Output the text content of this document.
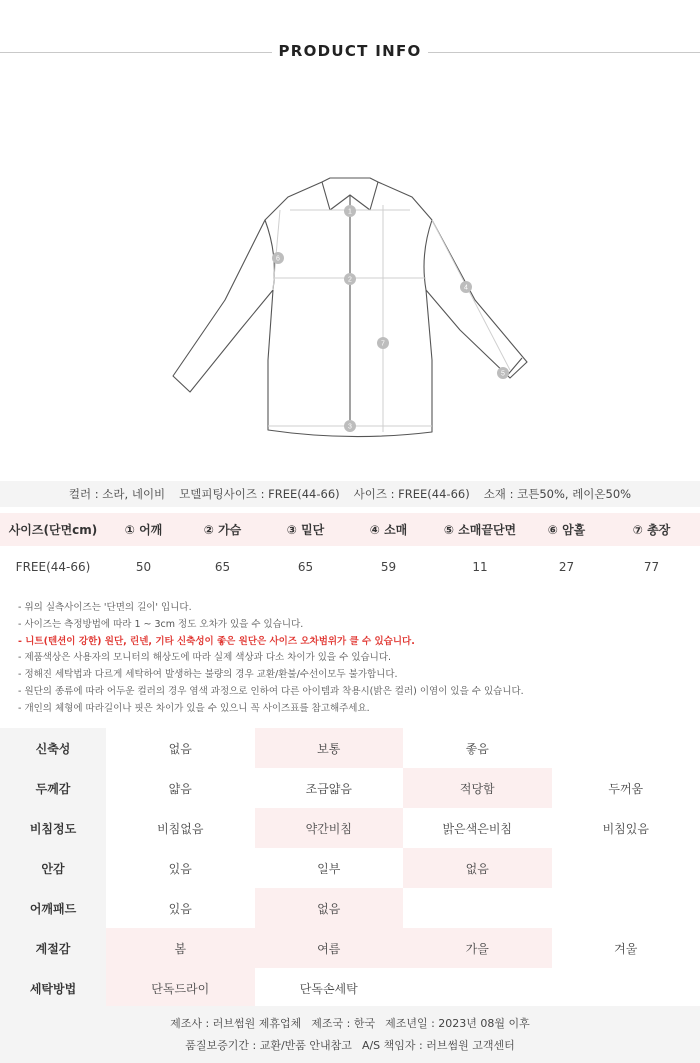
PRODUCT INFO
1
2
3
4
5
6
7
컬러 : 소라, 네이비 모델피팅사이즈 : FREE(44-66) 사이즈 : FREE(44-66) 소재 : 코튼50%, 레이온50%
사이즈(단면cm)	① 어깨	② 가슴	③ 밑단	④ 소매	⑤ 소매끝단면	⑥ 암홀	⑦ 총장
FREE(44-66)	50	65	65	59	11	27	77
- 위의 실측사이즈는 '단면의 길이' 입니다.
- 사이즈는 측정방법에 따라 1 ~ 3cm 정도 오차가 있을 수 있습니다.
- 니트(텐션이 강한) 원단, 린넨, 기타 신축성이 좋은 원단은 사이즈 오차범위가 클 수 있습니다.
- 제품색상은 사용자의 모니터의 해상도에 따라 실제 색상과 다소 차이가 있을 수 있습니다.
- 정해진 세탁법과 다르게 세탁하여 발생하는 불량의 경우 교환/환불/수선이모두 불가합니다.
- 원단의 종류에 따라 어두운 컬러의 경우 염색 과정으로 인하여 다른 아이템과 착용시(밝은 컬러) 이염이 있을 수 있습니다.
- 개인의 체형에 따라길이나 핏은 차이가 있을 수 있으니 꼭 사이즈표를 참고해주세요.
신축성	없음	보통	좋음
두께감	얇음	조금얇음	적당함	두꺼움
비침정도	비침없음	약간비침	밝은색은비침	비침있음
안감	있음	일부	없음
어깨패드	있음	없음
계절감	봄	여름	가을	겨울
세탁방법	단독드라이	단독손세탁
제조사 : 러브썸원 제휴업체 제조국 : 한국 제조년일 : 2023년 08월 이후
품질보증기간 : 교환/반품 안내참고 A/S 책임자 : 러브썸원 고객센터
